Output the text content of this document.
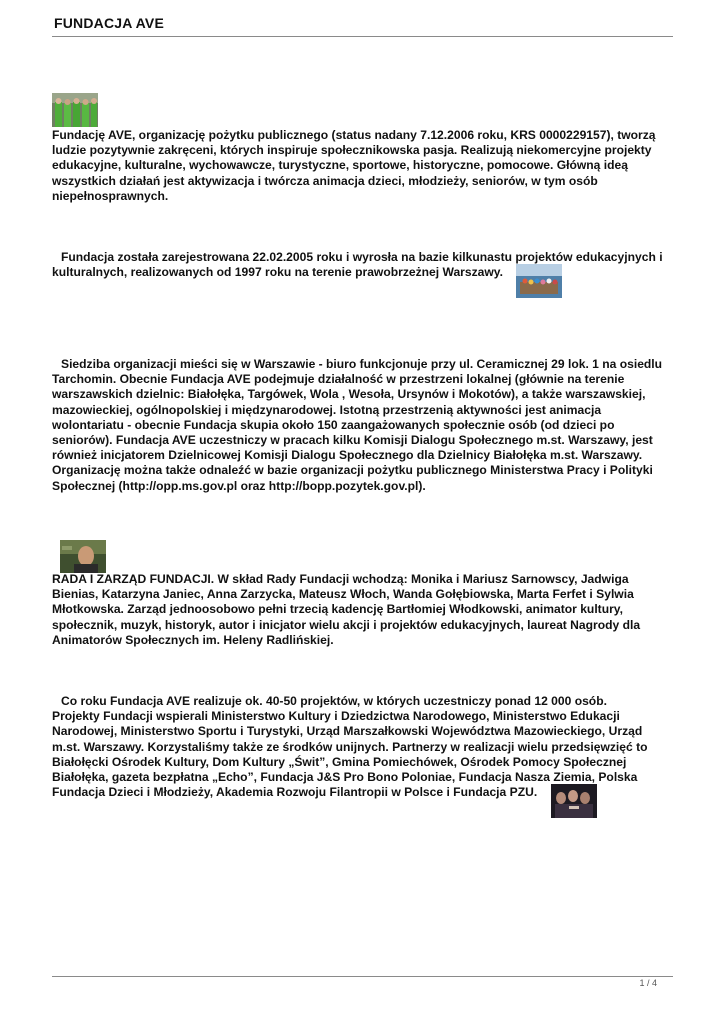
FUNDACJA AVE

Fundację AVE, organizację pożytku publicznego (status nadany 7.12.2006 roku, KRS 0000229157), tworzą ludzie pozytywnie zakręceni, których inspiruje społecznikowska pasja. Realizują niekomercyjne projekty edukacyjne, kulturalne, wychowawcze, turystyczne, sportowe, historyczne, pomocowe. Główną ideą wszystkich działań jest aktywizacja i twórcza animacja dzieci, młodzieży, seniorów, w tym osób niepełnosprawnych.

Fundacja została zarejestrowana 22.02.2005 roku i wyrosła na bazie kilkunastu projektów edukacyjnych i kulturalnych, realizowanych od 1997 roku na terenie prawobrzeżnej Warszawy.

Siedziba organizacji mieści się w Warszawie - biuro funkcjonuje przy ul. Ceramicznej 29 lok. 1 na osiedlu Tarchomin. Obecnie Fundacja AVE podejmuje działalność w przestrzeni lokalnej (głównie na terenie warszawskich dzielnic: Białołęka, Targówek, Wola , Wesoła, Ursynów i Mokotów), a także warszawskiej, mazowieckiej, ogólnopolskiej i międzynarodowej. Istotną przestrzenią aktywności jest animacja wolontariatu - obecnie Fundacja skupia około 150 zaangażowanych społecznie osób (od dzieci po seniorów). Fundacja AVE uczestniczy w pracach kilku Komisji Dialogu Społecznego m.st. Warszawy, jest również inicjatorem Dzielnicowej Komisji Dialogu Społecznego dla Dzielnicy Białołęka m.st. Warszawy. Organizację można także odnaleźć w bazie organizacji pożytku publicznego Ministerstwa Pracy i Polityki Społecznej (http://opp.ms.gov.pl oraz http://bopp.pozytek.gov.pl).

RADA I ZARZĄD FUNDACJI. W skład Rady Fundacji wchodzą: Monika i Mariusz Sarnowscy, Jadwiga Bienias, Katarzyna Janiec, Anna Zarzycka, Mateusz Włoch, Wanda Gołębiowska, Marta Ferfet i Sylwia Młotkowska. Zarząd jednoosobowo pełni trzecią kadencję Bartłomiej Włodkowski, animator kultury, społecznik, muzyk, historyk, autor i inicjator wielu akcji i projektów edukacyjnych, laureat Nagrody dla Animatorów Społecznych im. Heleny Radlińskiej.

Co roku Fundacja AVE realizuje ok. 40-50 projektów, w których uczestniczy ponad 12 000 osób. Projekty Fundacji wspierali Ministerstwo Kultury i Dziedzictwa Narodowego, Ministerstwo Edukacji Narodowej, Ministerstwo Sportu i Turystyki, Urząd Marszałkowski Województwa Mazowieckiego, Urząd m.st. Warszawy. Korzystaliśmy także ze środków unijnych. Partnerzy w realizacji wielu przedsięwzięć to Białołęcki Ośrodek Kultury, Dom Kultury „Świt”, Gmina Pomiechówek, Ośrodek Pomocy Społecznej Białołęka, gazeta bezpłatna „Echo”, Fundacja J&S Pro Bono Poloniae, Fundacja Nasza Ziemia, Polska Fundacja Dzieci i Młodzieży, Akademia Rozwoju Filantropii w Polsce i Fundacja PZU.

1 / 4
